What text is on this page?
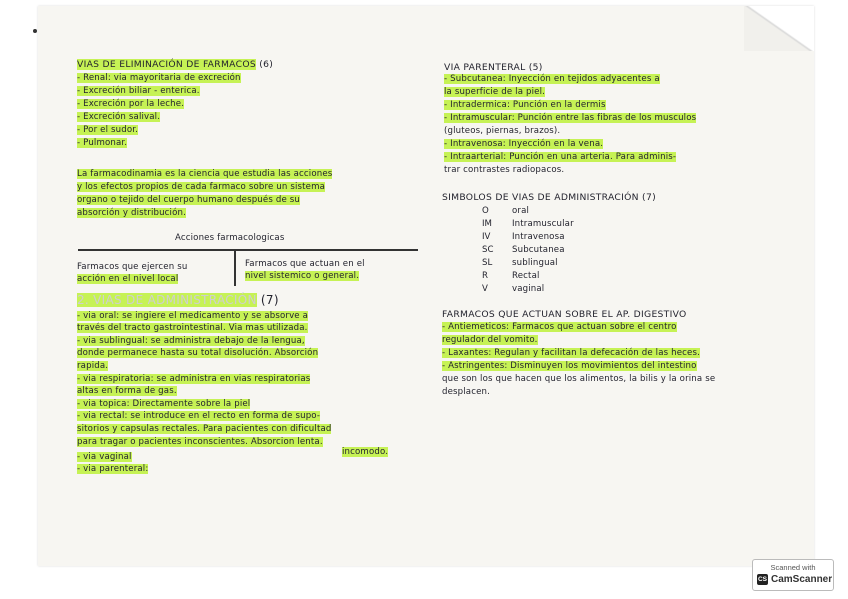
VIAS DE ELIMINACIÓN DE FARMACOS (6)

- Renal: via mayoritaria de excreción

- Excreción biliar - enterica.

- Excreción por la leche.

- Excreción salival.

- Por el sudor.

- Pulmonar.

La farmacodinamia es la ciencia que estudia las acciones

y los efectos propios de cada farmaco sobre un sistema

organo o tejido del cuerpo humano después de su

absorción y distribución.

Acciones farmacologicas

Farmacos que ejercen su

acción en el nivel local

Farmacos que actuan en el

nivel sistemico o general.

2. VIAS DE ADMINISTRACIÓN (7)

- via oral: se ingiere el medicamento y se absorve a

través del tracto gastrointestinal. Via mas utilizada.

- via sublingual: se administra debajo de la lengua,

donde permanece hasta su total disolución. Absorción

rapida.

- via respiratoria: se administra en vias respiratorias

altas en forma de gas.

- via topica: Directamente sobre la piel

- via rectal: se introduce en el recto en forma de supo-

sitorios y capsulas rectales. Para pacientes con dificultad

para tragar o pacientes inconscientes. Absorcion lenta.

- via vaginal	incomodo.

- via parenteral:

VIA PARENTERAL (5)

- Subcutanea: Inyección en tejidos adyacentes a

la superficie de la piel.

- Intradermica: Punción en la dermis

- Intramuscular: Punción entre las fibras de los musculos

(gluteos, piernas, brazos).

- Intravenosa: Inyección en la vena.

- Intraarterial: Punción en una arteria. Para adminis-

trar contrastes radiopacos.

SIMBOLOS DE VIAS DE ADMINISTRACIÓN (7)

O	oral

IM Intramuscular

IV	Intravenosa

SC Subcutanea

SL sublingual

R	Rectal

V	vaginal

FARMACOS QUE ACTUAN SOBRE EL AP. DIGESTIVO

- Antiemeticos: Farmacos que actuan sobre el centro

regulador del vomito.

- Laxantes: Regulan y facilitan la defecación de las heces.

- Astringentes: Disminuyen los movimientos del intestino

que son los que hacen que los alimentos, la bilis y la orina se

desplacen.

Scanned with
CS CamScanner
